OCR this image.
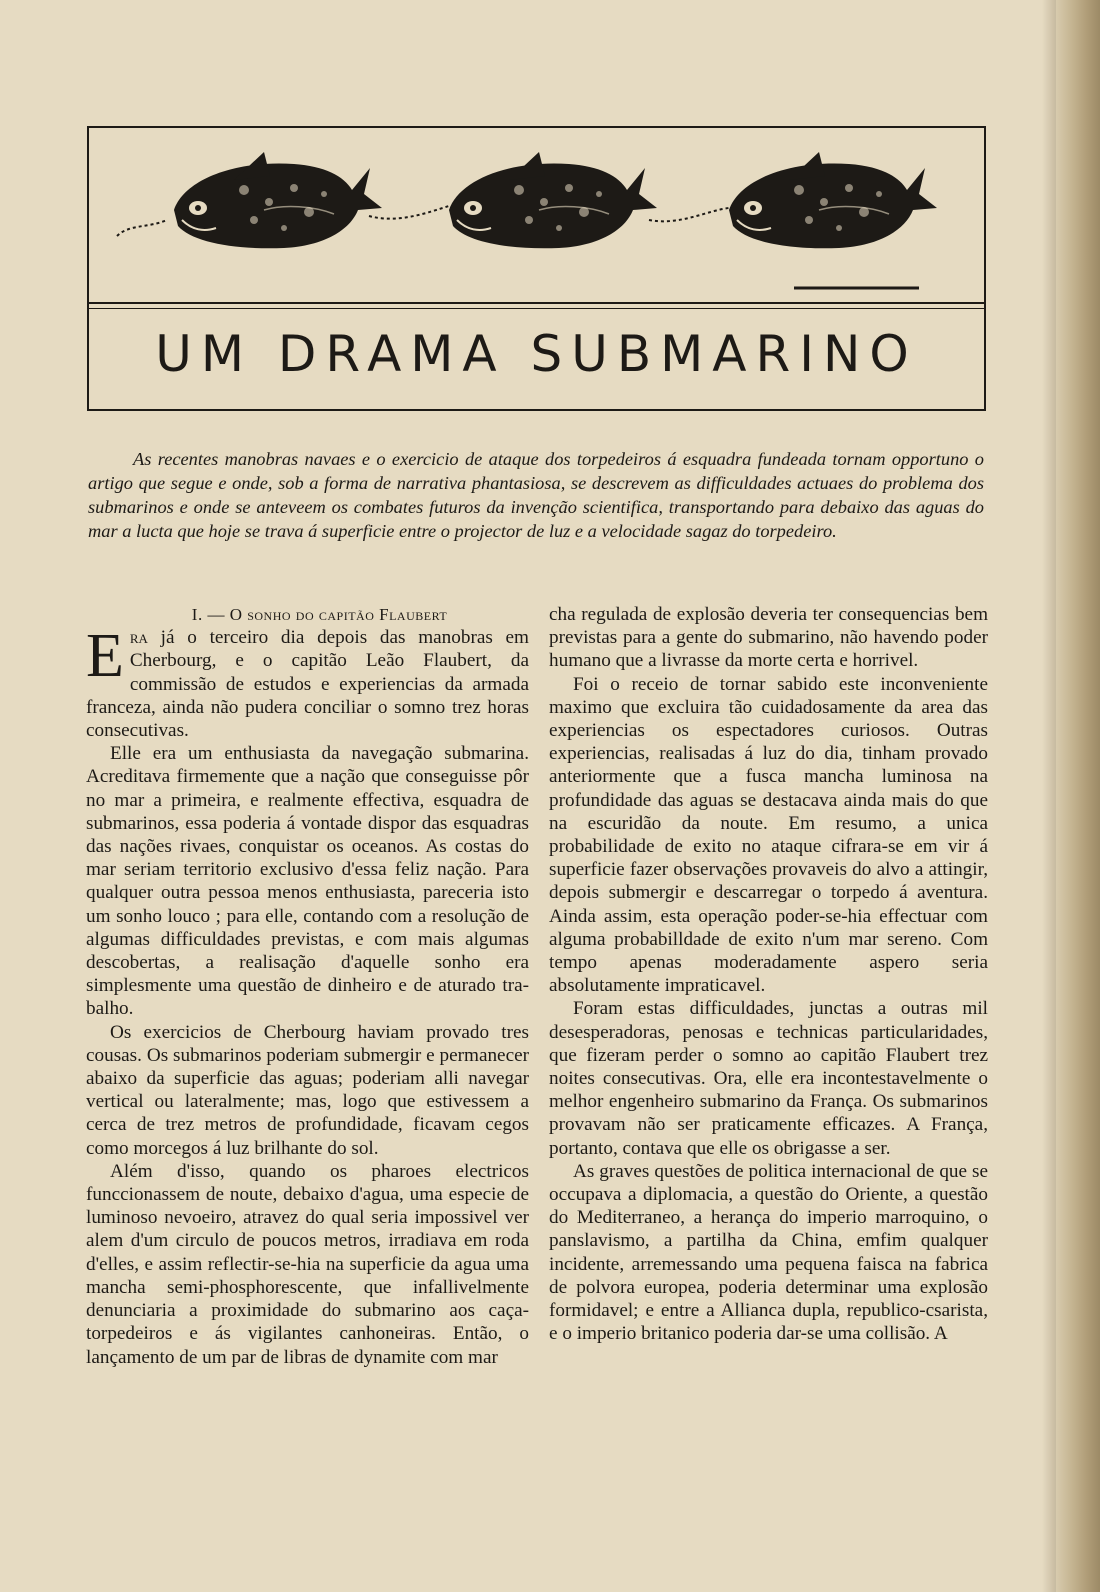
UM DRAMA SUBMARINO

As recentes manobras navaes e o exercicio de ataque dos torpedeiros á esquadra fundeada tornam opportuno o artigo que segue e onde, sob a forma de narrativa phantasiosa, se descrevem as difficuldades actuaes do problema dos submarinos e onde se anteveem os combates futuros da invenção scientifica, transportando para debaixo das aguas do mar a lucta que hoje se trava á superficie entre o projector de luz e a velocidade sagaz do torpedeiro.

I. — O sonho do capitão Flaubert

Era já o terceiro dia depois das manobras em Cherbourg, e o capitão Leão Flaubert, da commissão de estudos e experiencias da armada franceza, ainda não pudera conciliar o somno trez horas consecutivas.

Elle era um enthusiasta da navegação submarina. Acreditava firmemente que a nação que conseguisse pôr no mar a primeira, e realmente effectiva, esquadra de submarinos, essa poderia á vontade dispor das esquadras das nações rivaes, conquistar os oceanos. As costas do mar seriam territorio exclusivo d'essa feliz nação. Para qualquer outra pessoa menos enthusiasta, pareceria isto um sonho louco ; para elle, contando com a resolução de algumas difficuldades previstas, e com mais algumas descobertas, a realisação d'aquelle sonho era simplesmente uma questão de dinheiro e de aturado trabalho.

Os exercicios de Cherbourg haviam provado tres cousas. Os submarinos poderiam submergir e permanecer abaixo da superficie das aguas; poderiam alli navegar vertical ou lateralmente; mas, logo que estivessem a cerca de trez metros de profundidade, ficavam cegos como morcegos á luz brilhante do sol.

Além d'isso, quando os pharoes electricos funccionassem de noute, debaixo d'agua, uma especie de luminoso nevoeiro, atravez do qual seria impossivel ver alem d'um circulo de poucos metros, irradiava em roda d'elles, e assim reflectir-se-hia na superficie da agua uma mancha semi-phosphorescente, que infallivelmente denunciaria a proximidade do submarino aos caça-torpedeiros e ás vigilantes canhoneiras. Então, o lançamento de um par de libras de dynamite com mar

cha regulada de explosão deveria ter consequencias bem previstas para a gente do submarino, não havendo poder humano que a livrasse da morte certa e horrivel.

Foi o receio de tornar sabido este inconveniente maximo que excluira tão cuidadosamente da area das experiencias os espectadores curiosos. Outras experiencias, realisadas á luz do dia, tinham provado anteriormente que a fusca mancha luminosa na profundidade das aguas se destacava ainda mais do que na escuridão da noute. Em resumo, a unica probabilidade de exito no ataque cifrara-se em vir á superficie fazer observações provaveis do alvo a attingir, depois submergir e descarregar o torpedo á aventura. Ainda assim, esta operação poder-se-hia effectuar com alguma probabilldade de exito n'um mar sereno. Com tempo apenas moderadamente aspero seria absolutamente impraticavel.

Foram estas difficuldades, junctas a outras mil desesperadoras, penosas e technicas particularidades, que fizeram perder o somno ao capitão Flaubert trez noites consecutivas. Ora, elle era incontestavelmente o melhor engenheiro submarino da França. Os submarinos provavam não ser praticamente efficazes. A França, portanto, contava que elle os obrigasse a ser.

As graves questões de politica internacional de que se occupava a diplomacia, a questão do Oriente, a questão do Mediterraneo, a herança do imperio marroquino, o panslavismo, a partilha da China, emfim qualquer incidente, arremessando uma pequena faisca na fabrica de polvora europea, poderia determinar uma explosão formidavel; e entre a Allianca dupla, republico-csarista, e o imperio britanico poderia dar-se uma collisão. A
